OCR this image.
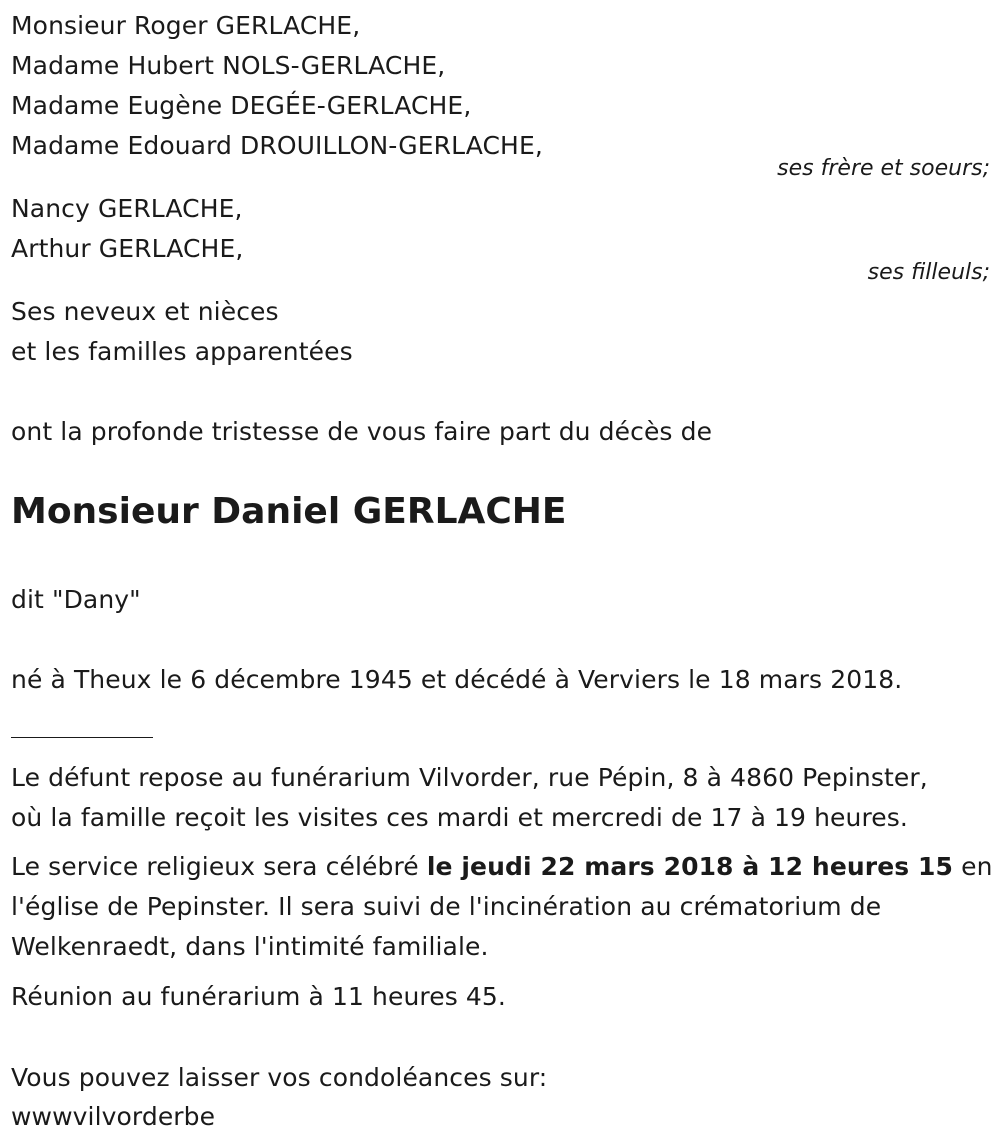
Monsieur Roger GERLACHE,
Madame Hubert NOLS-GERLACHE,
Madame Eugène DEGÉE-GERLACHE,
Madame Edouard DROUILLON-GERLACHE,
ses frère et soeurs;
Nancy GERLACHE,
Arthur GERLACHE,
ses filleuls;
Ses neveux et nièces
et les familles apparentées
ont la profonde tristesse de vous faire part du décès de
Monsieur Daniel GERLACHE
dit "Dany"
né à Theux le 6 décembre 1945 et décédé à Verviers le 18 mars 2018.
Le défunt repose au funérarium Vilvorder, rue Pépin, 8 à 4860 Pepinster,
où la famille reçoit les visites ces mardi et mercredi de 17 à 19 heures.
Le service religieux sera célébré le jeudi 22 mars 2018 à 12 heures 15 en
l'église de Pepinster. Il sera suivi de l'incinération au crématorium de
Welkenraedt, dans l'intimité familiale.
Réunion au funérarium à 11 heures 45.
Vous pouvez laisser vos condoléances sur:
wwwvilvorderbe
